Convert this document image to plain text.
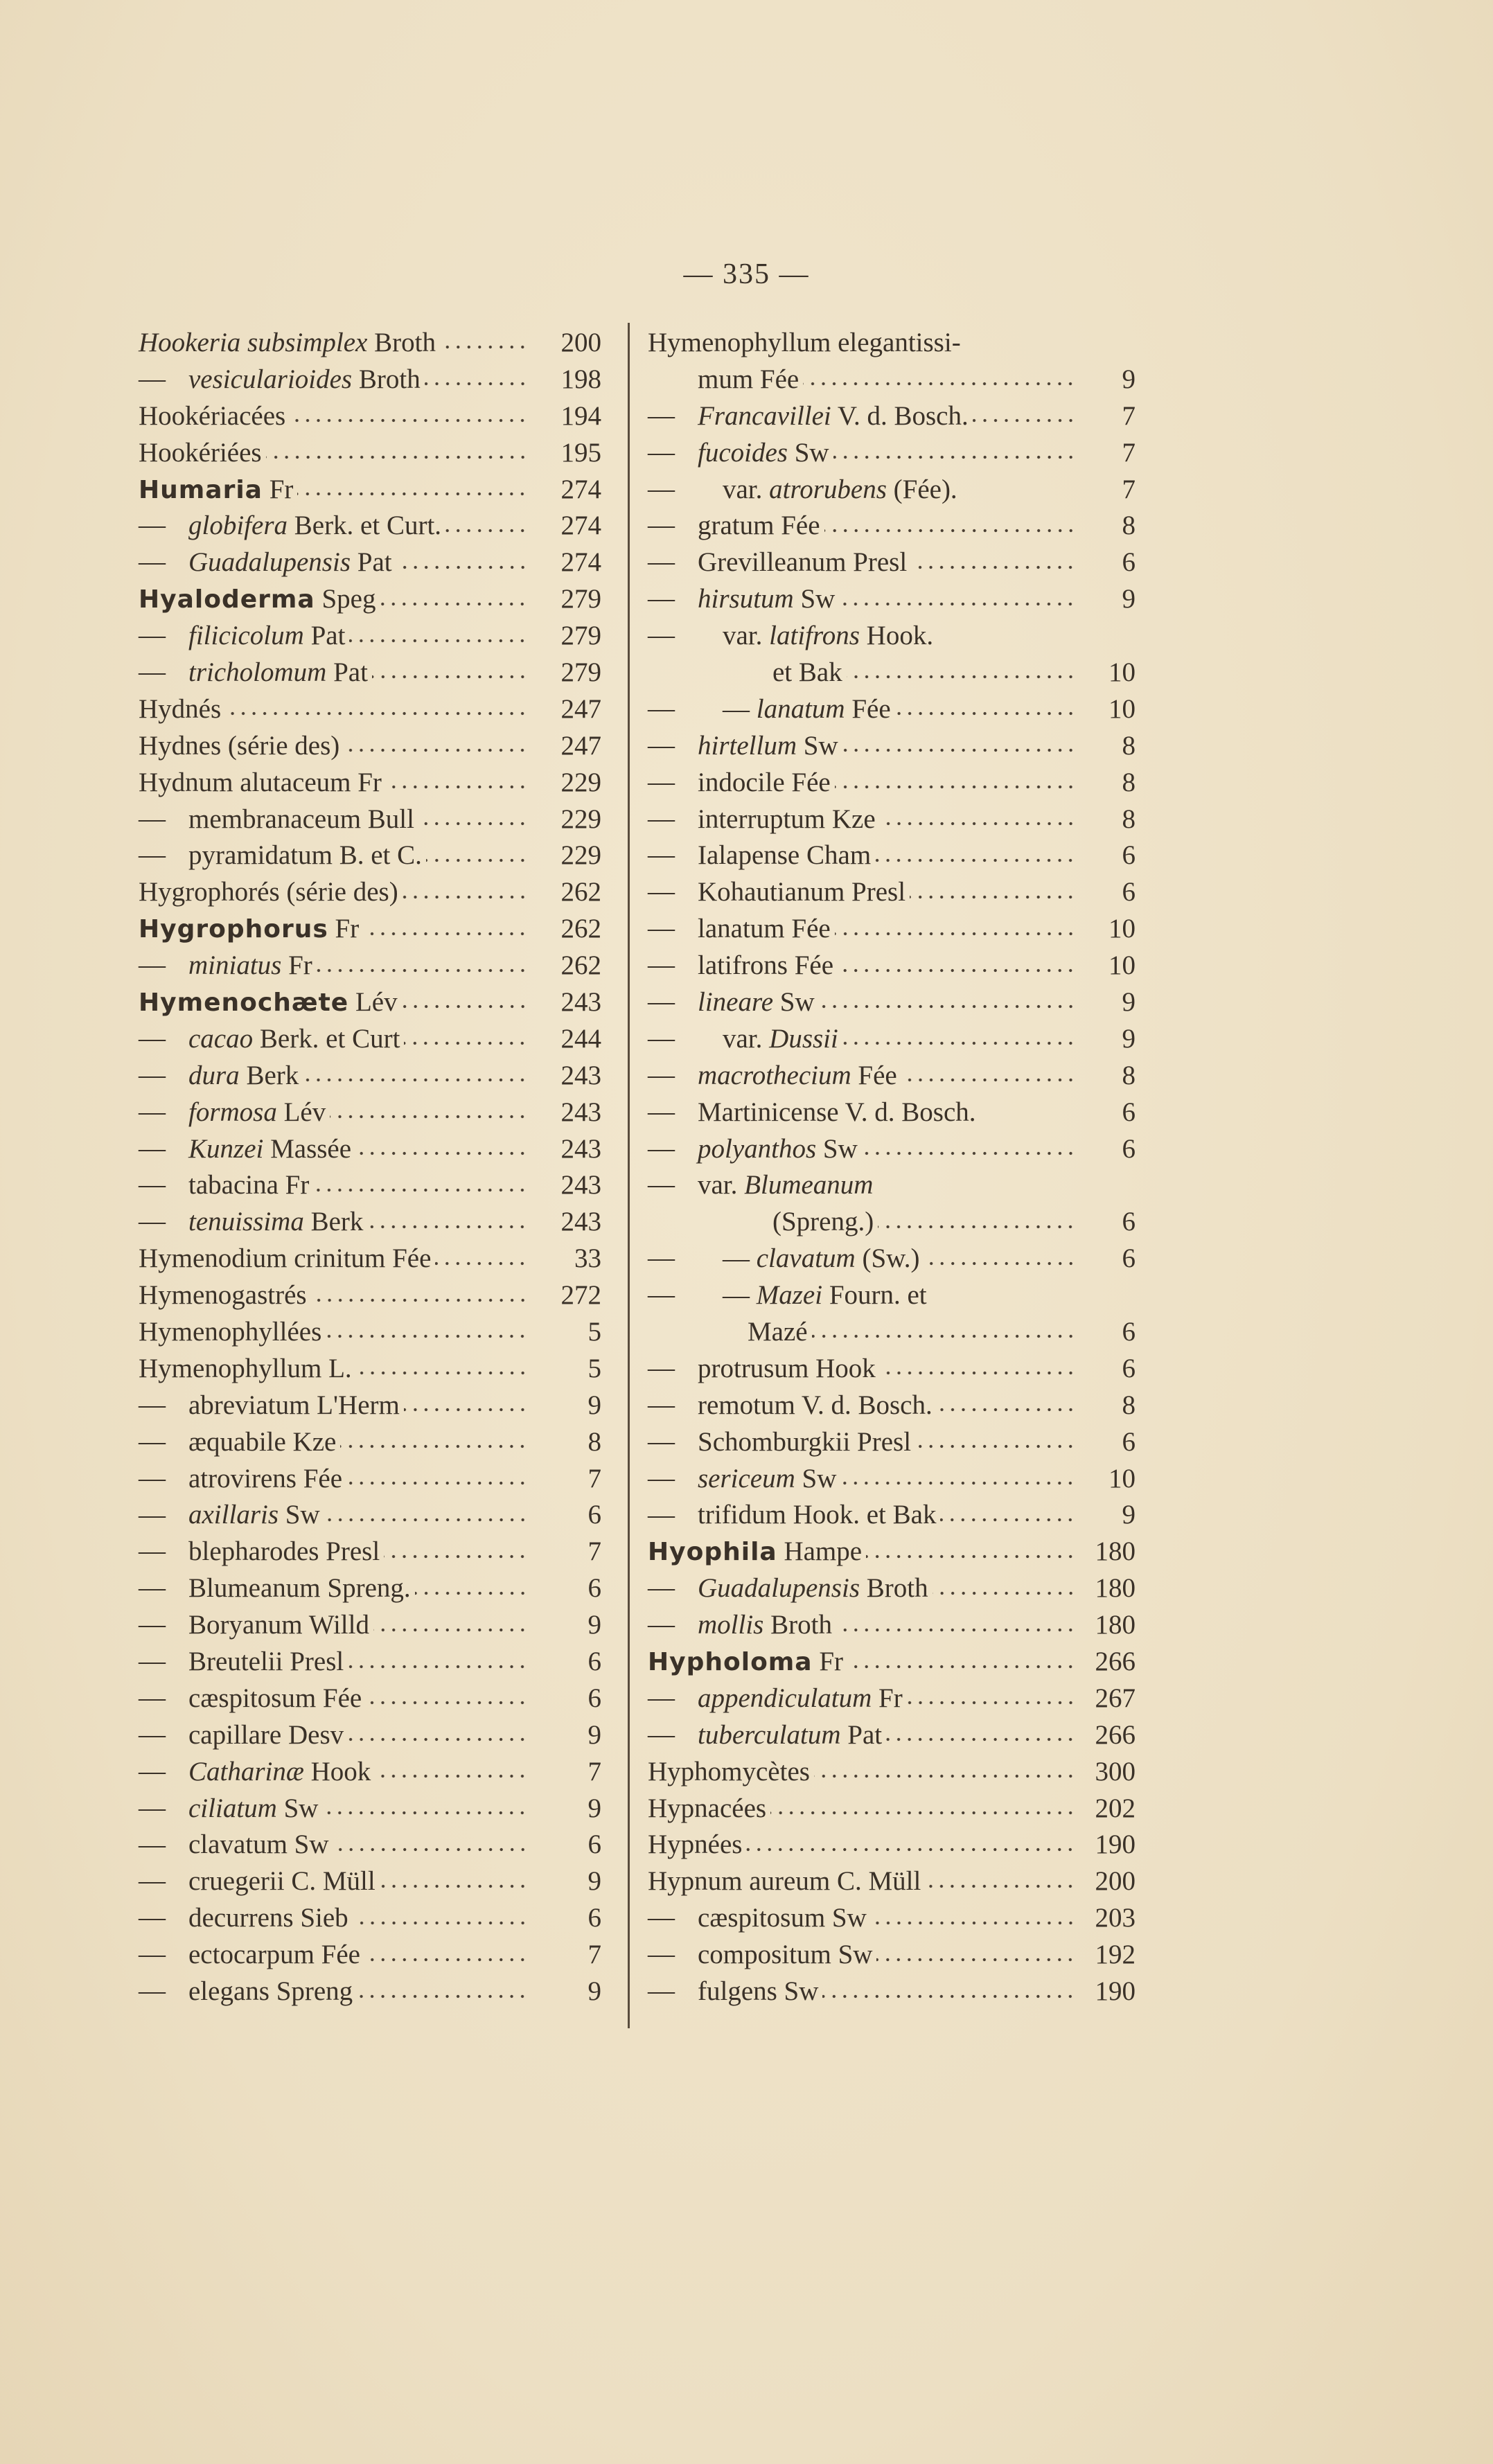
— 335 —
Hookeria subsimplex Broth	200
— vesicularioides Broth	198
Hookériacées	194
Hookériées	195
Humaria Fr	274
— globifera Berk. et Curt.	274
— Guadalupensis Pat	274
Hyaloderma Speg	279
— filicicolum Pat	279
— tricholomum Pat	279
Hydnés	247
Hydnes (série des)	247
Hydnum alutaceum Fr	229
— membranaceum Bull	229
— pyramidatum B. et C.	229
Hygrophorés (série des)	262
Hygrophorus Fr	262
— miniatus Fr	262
Hymenochæte Lév	243
— cacao Berk. et Curt	244
— dura Berk	243
— formosa Lév	243
— Kunzei Massée	243
— tabacina Fr	243
— tenuissima Berk	243
Hymenodium crinitum Fée	33
Hymenogastrés	272
Hymenophyllées	5
Hymenophyllum L.	5
— abreviatum L'Herm	9
— æquabile Kze	8
— atrovirens Fée	7
— axillaris Sw	6
— blepharodes Presl	7
— Blumeanum Spreng.	6
— Boryanum Willd	9
— Breutelii Presl	6
— cæspitosum Fée	6
— capillare Desv	9
— Catharinæ Hook	7
— ciliatum Sw	9
— clavatum Sw	6
— cruegerii C. Müll	9
— decurrens Sieb	6
— ectocarpum Fée	7
— elegans Spreng	9
Hymenophyllum elegantissi-
mum Fée	9
— Francavillei V. d. Bosch.	7
— fucoides Sw	7
— var. atrorubens (Fée).	7
— gratum Fée	8
— Grevilleanum Presl	6
— hirsutum Sw	9
— var. latifrons Hook.
et Bak	10
— — lanatum Fée	10
— hirtellum Sw	8
— indocile Fée	8
— interruptum Kze	8
— Ialapense Cham	6
— Kohautianum Presl	6
— lanatum Fée	10
— latifrons Fée	10
— lineare Sw	9
— var. Dussii	9
— macrothecium Fée	8
— Martinicense V. d. Bosch.	6
— polyanthos Sw	6
— var. Blumeanum
(Spreng.)	6
— — clavatum (Sw.)	6
— — Mazei Fourn. et
Mazé	6
— protrusum Hook	6
— remotum V. d. Bosch.	8
— Schomburgkii Presl	6
— sericeum Sw	10
— trifidum Hook. et Bak	9
Hyophila Hampe	180
— Guadalupensis Broth	180
— mollis Broth	180
Hypholoma Fr	266
— appendiculatum Fr	267
— tuberculatum Pat	266
Hyphomycètes	300
Hypnacées	202
Hypnées	190
Hypnum aureum C. Müll	200
— cæspitosum Sw	203
— compositum Sw	192
— fulgens Sw	190
